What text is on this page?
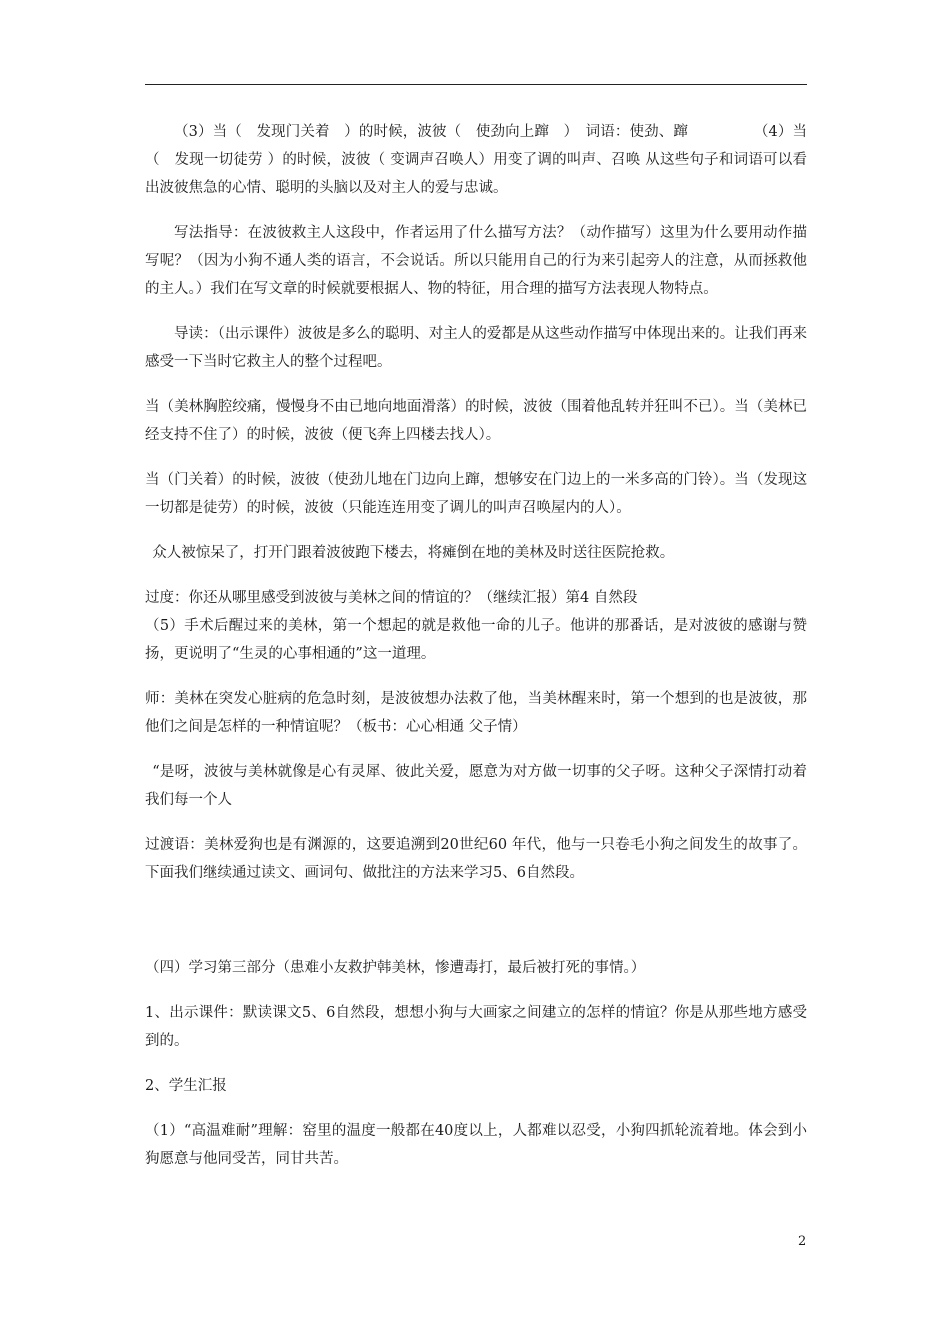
（3）当（　发现门关着　）的时候，波彼（　使劲向上蹿　）　词语：使劲、蹿　　　　　（4）当（　发现一切徒劳 ）的时候，波彼（ 变调声召唤人）用变了调的叫声、召唤 从这些句子和词语可以看出波彼焦急的心情、聪明的头脑以及对主人的爱与忠诚。

写法指导：在波彼救主人这段中，作者运用了什么描写方法？（动作描写）这里为什么要用动作描写呢？（因为小狗不通人类的语言，不会说话。所以只能用自己的行为来引起旁人的注意，从而拯救他的主人。）我们在写文章的时候就要根据人、物的特征，用合理的描写方法表现人物特点。

导读：（出示课件）波彼是多么的聪明、对主人的爱都是从这些动作描写中体现出来的。让我们再来感受一下当时它救主人的整个过程吧。

当（美林胸腔绞痛，慢慢身不由已地向地面滑落）的时候，波彼（围着他乱转并狂叫不已）。当（美林已经支持不住了）的时候，波彼（便飞奔上四楼去找人）。

当（门关着）的时候，波彼（使劲儿地在门边向上蹿，想够安在门边上的一米多高的门铃）。当（发现这一切都是徒劳）的时候，波彼（只能连连用变了调儿的叫声召唤屋内的人）。

众人被惊呆了，打开门跟着波彼跑下楼去，将瘫倒在地的美林及时送往医院抢救。

过度：你还从哪里感受到波彼与美林之间的情谊的？（继续汇报）第4 自然段

（5）手术后醒过来的美林，第一个想起的就是救他一命的儿子。他讲的那番话，是对波彼的感谢与赞扬，更说明了“生灵的心事相通的”这一道理。

师：美林在突发心脏病的危急时刻，是波彼想办法救了他，当美林醒来时，第一个想到的也是波彼，那他们之间是怎样的一种情谊呢？（板书：心心相通 父子情）

“是呀，波彼与美林就像是心有灵犀、彼此关爱，愿意为对方做一切事的父子呀。这种父子深情打动着我们每一个人

过渡语：美林爱狗也是有渊源的，这要追溯到20世纪60 年代，他与一只卷毛小狗之间发生的故事了。下面我们继续通过读文、画词句、做批注的方法来学习5、6自然段。

（四）学习第三部分（患难小友救护韩美林，惨遭毒打，最后被打死的事情。）

1、出示课件：默读课文5、6自然段，想想小狗与大画家之间建立的怎样的情谊？你是从那些地方感受到的。

2、学生汇报

（1）“高温难耐”理解：窑里的温度一般都在40度以上，人都难以忍受，小狗四抓轮流着地。体会到小狗愿意与他同受苦，同甘共苦。

2
